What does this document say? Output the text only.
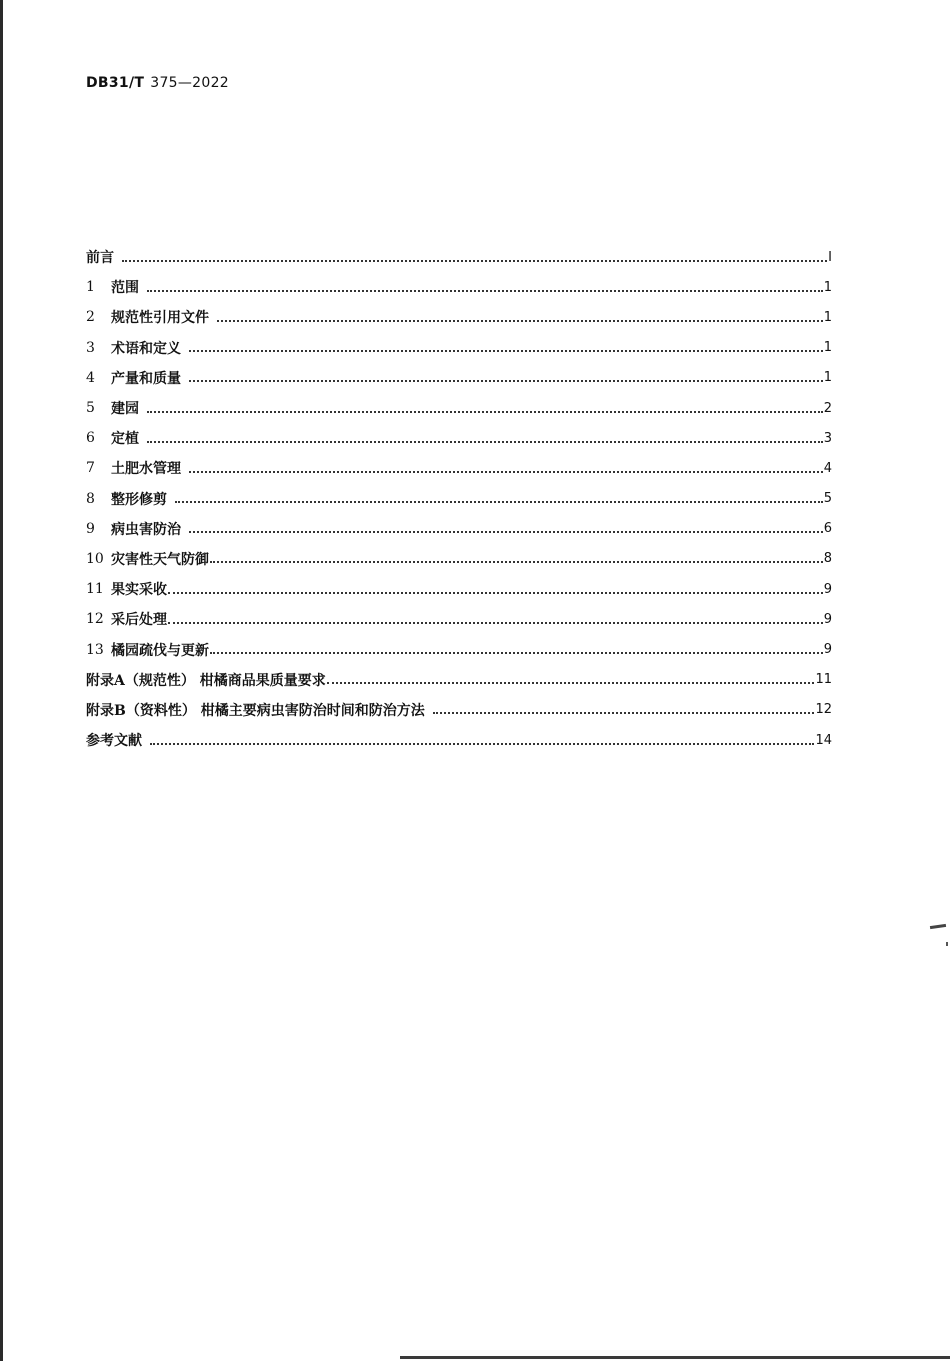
DB31/T 375—2022
前言	I
1	范围	1
2	规范性引用文件	1
3	术语和定义	1
4	产量和质量	1
5	建园	2
6	定植	3
7	土肥水管理	4
8	整形修剪	5
9	病虫害防治	6
10 灾害性天气防御	8
11 果实采收	9
12 采后处理	9
13 橘园疏伐与更新	9
附录A（规范性） 柑橘商品果质量要求	11
附录B（资料性） 柑橘主要病虫害防治时间和防治方法	12
参考文献	14
